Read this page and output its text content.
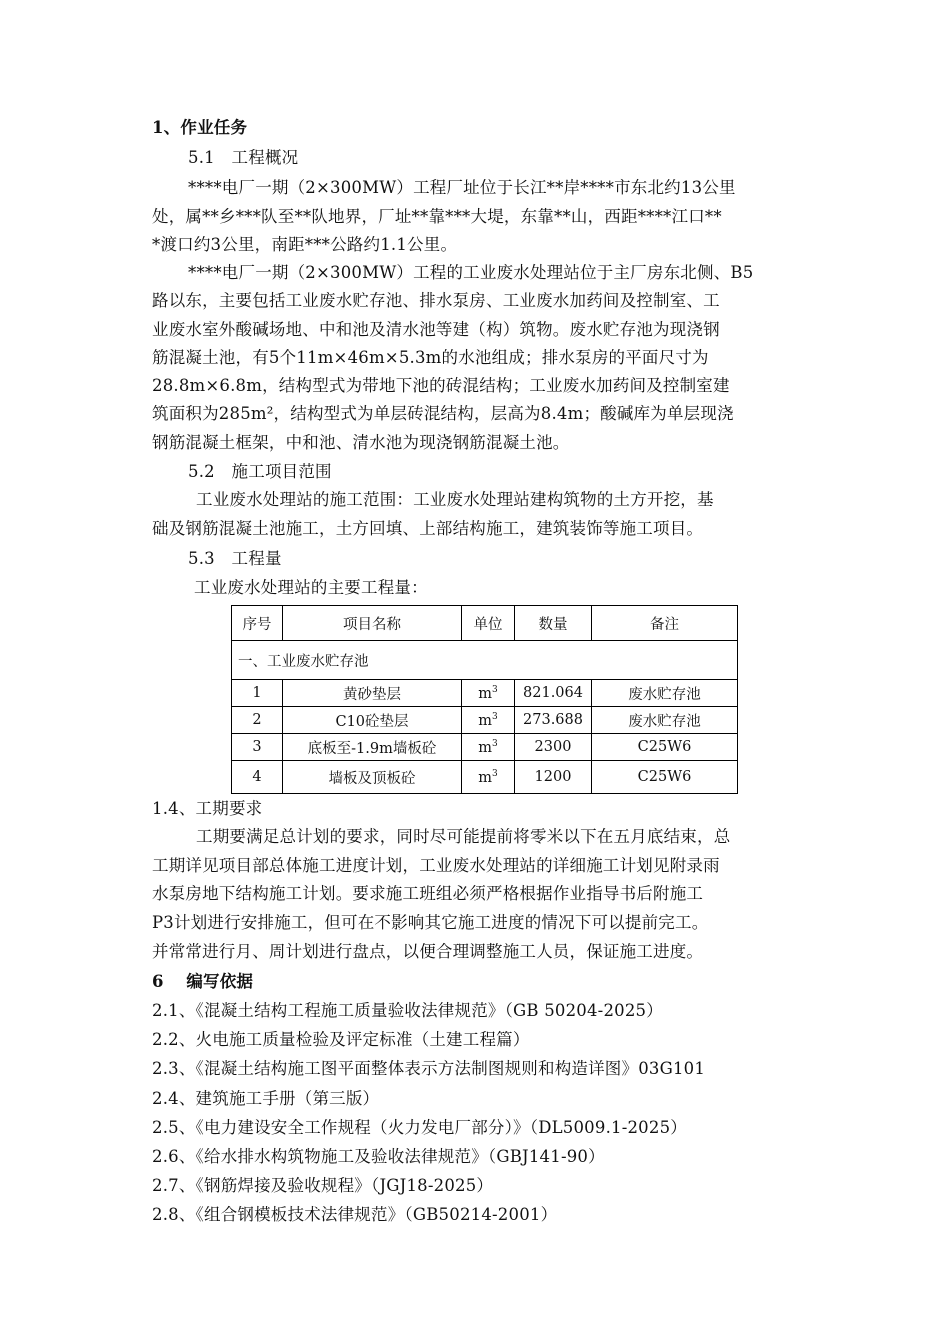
1、作业任务
5.1　工程概况
****电厂一期（2×300MW）工程厂址位于长江**岸****市东北约13公里
处，属**乡***队至**队地界，厂址**靠***大堤，东靠**山，西距****江口**
*渡口约3公里，南距***公路约1.1公里。
****电厂一期（2×300MW）工程的工业废水处理站位于主厂房东北侧、B5
路以东，主要包括工业废水贮存池、排水泵房、工业废水加药间及控制室、工
业废水室外酸碱场地、中和池及清水池等建（构）筑物。废水贮存池为现浇钢
筋混凝土池，有5个11m×46m×5.3m的水池组成；排水泵房的平面尺寸为
28.8m×6.8m，结构型式为带地下池的砖混结构；工业废水加药间及控制室建
筑面积为285m²，结构型式为单层砖混结构，层高为8.4m；酸碱库为单层现浇
钢筋混凝土框架，中和池、清水池为现浇钢筋混凝土池。
5.2　施工项目范围
工业废水处理站的施工范围：工业废水处理站建构筑物的土方开挖，基
础及钢筋混凝土池施工，土方回填、上部结构施工，建筑装饰等施工项目。
5.3　工程量
工业废水处理站的主要工程量：
序号	项目名称	单位	数量	备注
一、工业废水贮存池				
1	黄砂垫层	$m^3$	821.064	废水贮存池
2	C10砼垫层	$m^3$	273.688	废水贮存池
3	底板至-1.9m墙板砼	$m^3$	2300	C25W6
4	墙板及顶板砼	$m^3$	1200	C25W6
1.4、工期要求
工期要满足总计划的要求，同时尽可能提前将零米以下在五月底结束，总
工期详见项目部总体施工进度计划，工业废水处理站的详细施工计划见附录雨
水泵房地下结构施工计划。要求施工班组必须严格根据作业指导书后附施工
P3计划进行安排施工，但可在不影响其它施工进度的情况下可以提前完工。
并常常进行月、周计划进行盘点，以便合理调整施工人员，保证施工进度。
6　 编写依据
2.1、《混凝土结构工程施工质量验收法律规范》（GB 50204-2025）
2.2、火电施工质量检验及评定标准（土建工程篇）
2.3、《混凝土结构施工图平面整体表示方法制图规则和构造详图》03G101
2.4、建筑施工手册（第三版）
2.5、《电力建设安全工作规程（火力发电厂部分）》（DL5009.1-2025）
2.6、《给水排水构筑物施工及验收法律规范》（GBJ141-90）
2.7、《钢筋焊接及验收规程》（JGJ18-2025）
2.8、《组合钢模板技术法律规范》（GB50214-2001）
